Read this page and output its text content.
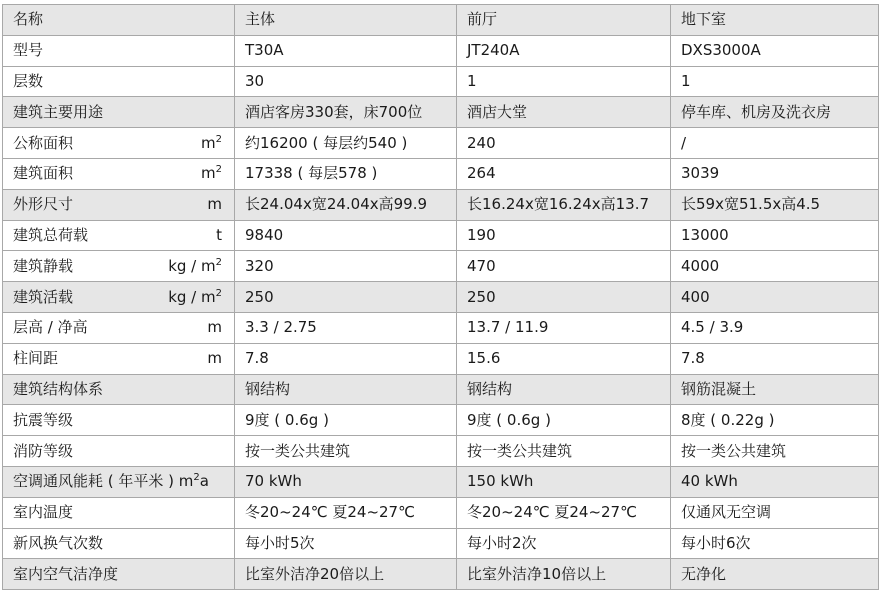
名称	主体	前厅	地下室

型号	T30A	JT240A	DXS3000A

层数	30	1	1

建筑主要用途	酒店客房330套，床700位	酒店大堂	停车库、机房及洗衣房

公称面积 $m^2$	约16200 ( 每层约540 )	240	/

建筑面积 $m^2$	17338 ( 每层578 )	264	3039

外形尺寸 m	长24.04x宽24.04x高99.9	长16.24x宽16.24x高13.7	长59x宽51.5x高4.5

建筑总荷载 t	9840	190	13000

建筑静载 kg / $m^2$	320	470	4000

建筑活载 kg / $m^2$	250	250	400

层高 / 净高 m	3.3 / 2.75	13.7 / 11.9	4.5 / 3.9

柱间距 m	7.8	15.6	7.8

建筑结构体系	钢结构	钢结构	钢筋混凝土

抗震等级	9度 ( 0.6g )	9度 ( 0.6g )	8度 ( 0.22g )

消防等级	按一类公共建筑	按一类公共建筑	按一类公共建筑

空调通风能耗 ( 年平米 ) $m^2a$	70 kWh	150 kWh	40 kWh

室内温度	冬20~24℃ 夏24~27℃	冬20~24℃ 夏24~27℃	仅通风无空调

新风换气次数	每小时5次	每小时2次	每小时6次

室内空气洁净度	比室外洁净20倍以上	比室外洁净10倍以上	无净化
